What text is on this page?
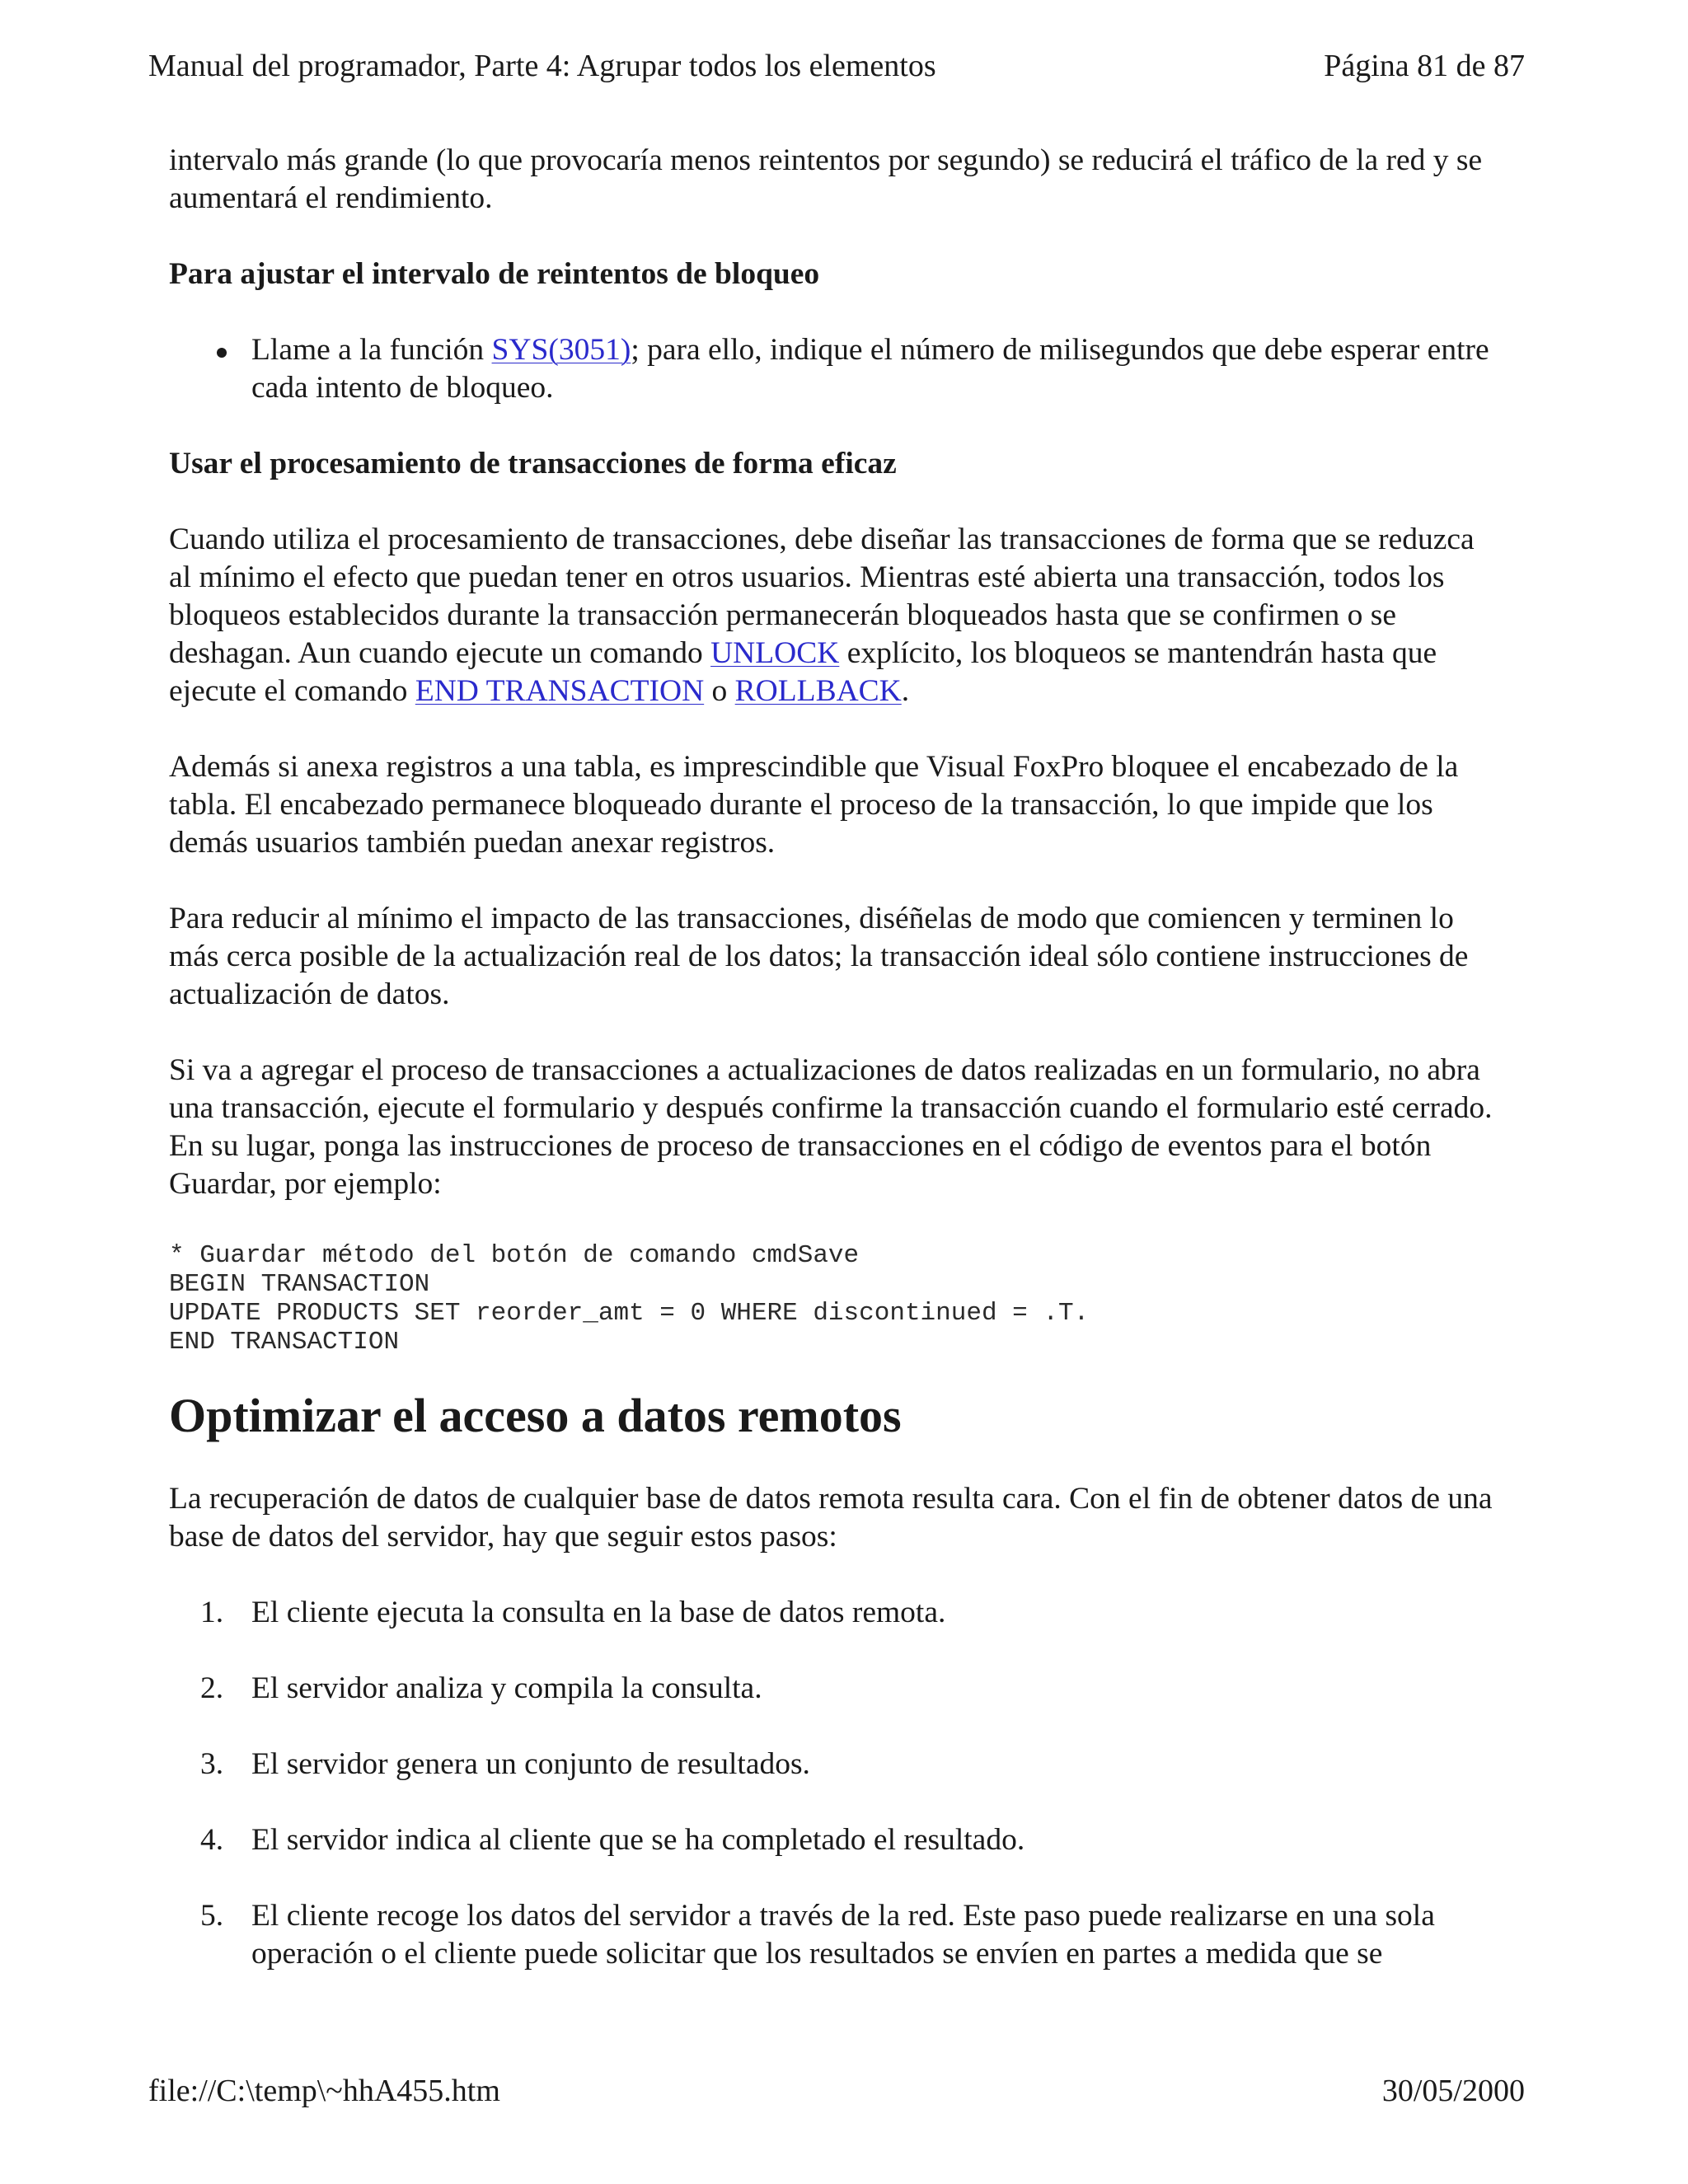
Manual del programador, Parte 4: Agrupar todos los elementos	Página 81 de 87

intervalo más grande (lo que provocaría menos reintentos por segundo) se reducirá el tráfico de la red y se aumentará el rendimiento.

Para ajustar el intervalo de reintentos de bloqueo
Llame a la función SYS(3051); para ello, indique el número de milisegundos que debe esperar entre cada intento de bloqueo.
Usar el procesamiento de transacciones de forma eficaz

Cuando utiliza el procesamiento de transacciones, debe diseñar las transacciones de forma que se reduzca al mínimo el efecto que puedan tener en otros usuarios. Mientras esté abierta una transacción, todos los bloqueos establecidos durante la transacción permanecerán bloqueados hasta que se confirmen o se deshagan. Aun cuando ejecute un comando UNLOCK explícito, los bloqueos se mantendrán hasta que ejecute el comando END TRANSACTION o ROLLBACK.

Además si anexa registros a una tabla, es imprescindible que Visual FoxPro bloquee el encabezado de la tabla. El encabezado permanece bloqueado durante el proceso de la transacción, lo que impide que los demás usuarios también puedan anexar registros.

Para reducir al mínimo el impacto de las transacciones, diséñelas de modo que comiencen y terminen lo más cerca posible de la actualización real de los datos; la transacción ideal sólo contiene instrucciones de actualización de datos.

Si va a agregar el proceso de transacciones a actualizaciones de datos realizadas en un formulario, no abra una transacción, ejecute el formulario y después confirme la transacción cuando el formulario esté cerrado. En su lugar, ponga las instrucciones de proceso de transacciones en el código de eventos para el botón Guardar, por ejemplo:

* Guardar método del botón de comando cmdSave
BEGIN TRANSACTION
UPDATE PRODUCTS SET reorder_amt = 0 WHERE discontinued = .T.
END TRANSACTION
Optimizar el acceso a datos remotos

La recuperación de datos de cualquier base de datos remota resulta cara. Con el fin de obtener datos de una base de datos del servidor, hay que seguir estos pasos:

1. El cliente ejecuta la consulta en la base de datos remota.
2. El servidor analiza y compila la consulta.
3. El servidor genera un conjunto de resultados.
4. El servidor indica al cliente que se ha completado el resultado.
5. El cliente recoge los datos del servidor a través de la red. Este paso puede realizarse en una sola operación o el cliente puede solicitar que los resultados se envíen en partes a medida que se
file://C:\temp\~hhA455.htm	30/05/2000
